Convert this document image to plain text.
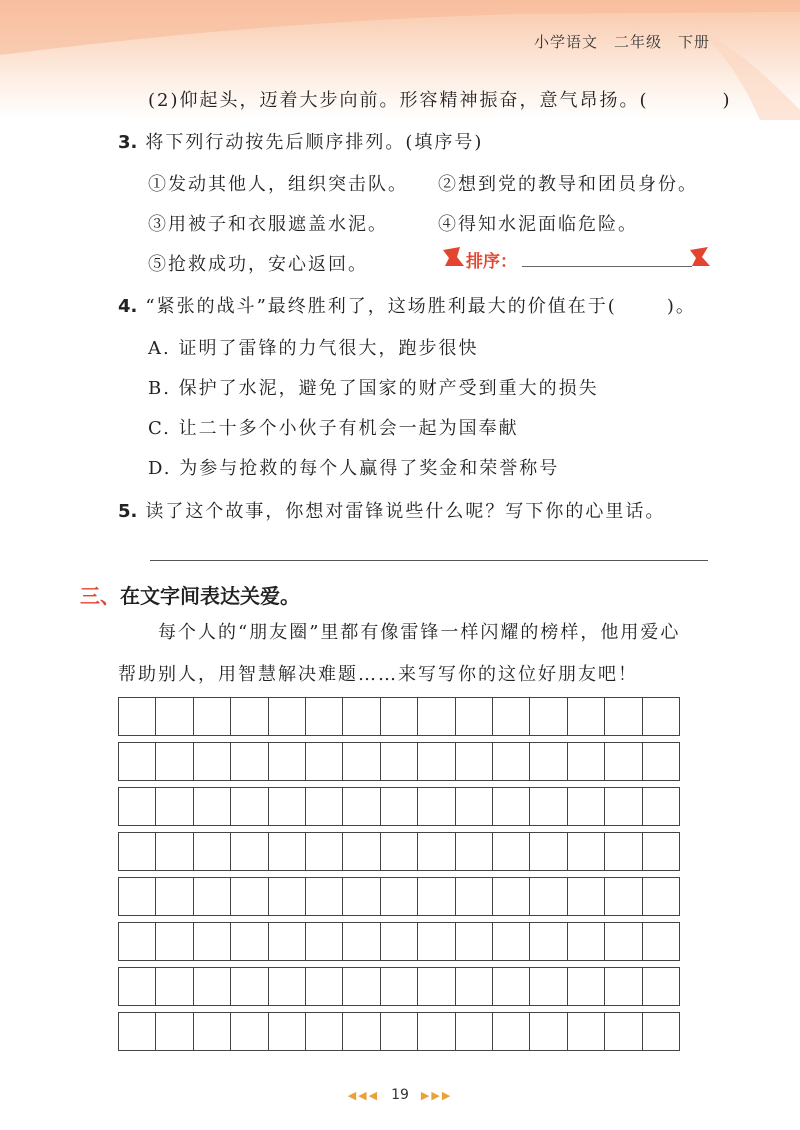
小学语文 二年级 下册
(2)仰起头，迈着大步向前。形容精神振奋，意气昂扬。(	)
3. 将下列行动按先后顺序排列。(填序号)
①发动其他人，组织突击队。 ②想到党的教导和团员身份。
③用被子和衣服遮盖水泥。	④得知水泥面临危险。
⑤抢救成功，安心返回。	排序：
4. “紧张的战斗”最终胜利了，这场胜利最大的价值在于(	)。
A. 证明了雷锋的力气很大，跑步很快
B. 保护了水泥，避免了国家的财产受到重大的损失
C. 让二十多个小伙子有机会一起为国奉献
D. 为参与抢救的每个人赢得了奖金和荣誉称号
5. 读了这个故事，你想对雷锋说些什么呢？写下你的心里话。
三、在文字间表达关爱。
每个人的“朋友圈”里都有像雷锋一样闪耀的榜样，他用爱心
帮助别人，用智慧解决难题……来写写你的这位好朋友吧！
◀◀◀ 19 ▶▶▶
